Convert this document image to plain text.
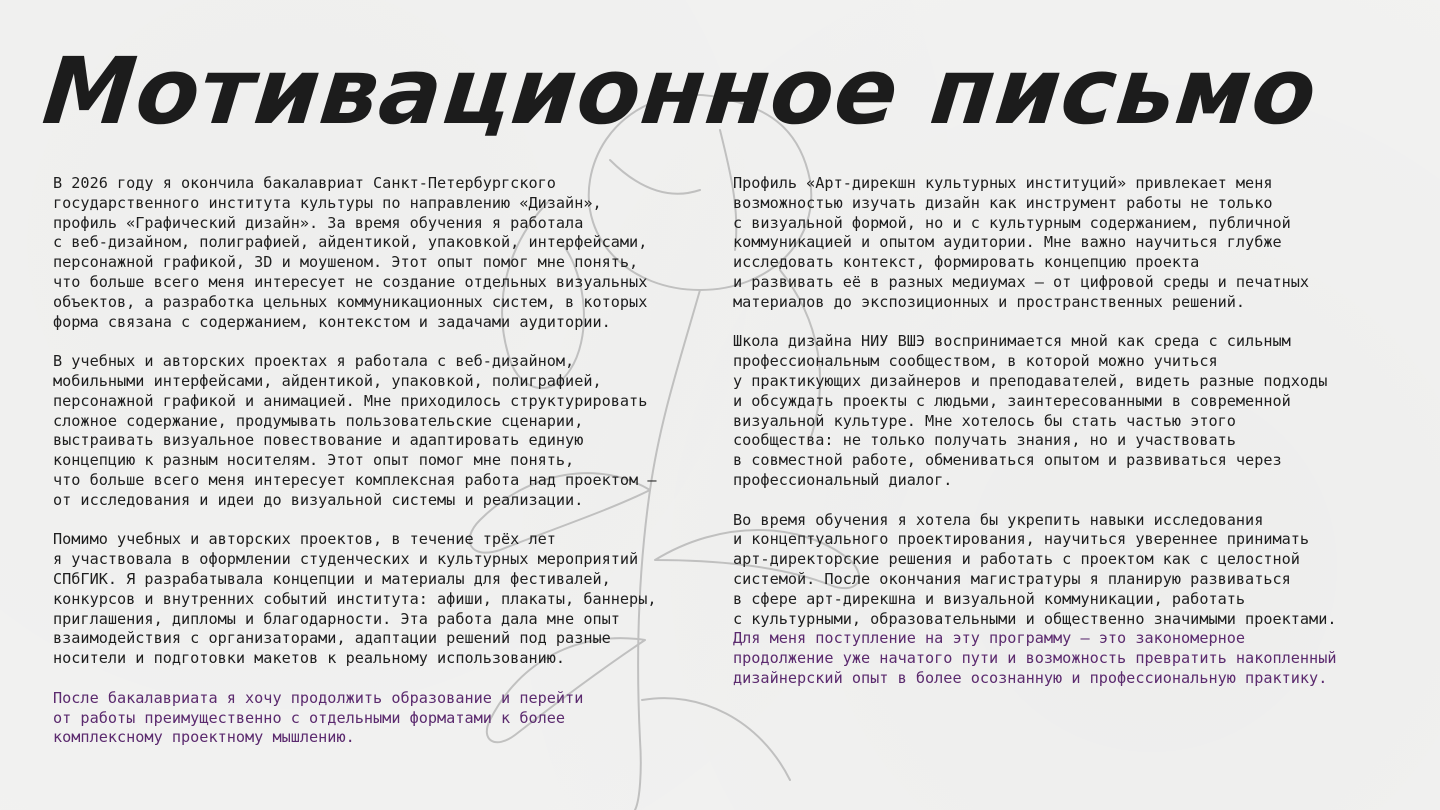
Мотивационное письмо

В 2026 году я окончила бакалавриат Санкт-Петербургского
государственного института культуры по направлению «Дизайн»,
профиль «Графический дизайн». За время обучения я работала
с веб-дизайном, полиграфией, айдентикой, упаковкой, интерфейсами,
персонажной графикой, 3D и моушеном. Этот опыт помог мне понять,
что больше всего меня интересует не создание отдельных визуальных
объектов, а разработка цельных коммуникационных систем, в которых
форма связана с содержанием, контекстом и задачами аудитории.

В учебных и авторских проектах я работала с веб-дизайном,
мобильными интерфейсами, айдентикой, упаковкой, полиграфией,
персонажной графикой и анимацией. Мне приходилось структурировать
сложное содержание, продумывать пользовательские сценарии,
выстраивать визуальное повествование и адаптировать единую
концепцию к разным носителям. Этот опыт помог мне понять,
что больше всего меня интересует комплексная работа над проектом —
от исследования и идеи до визуальной системы и реализации.

Помимо учебных и авторских проектов, в течение трёх лет
я участвовала в оформлении студенческих и культурных мероприятий
СПбГИК. Я разрабатывала концепции и материалы для фестивалей,
конкурсов и внутренних событий института: афиши, плакаты, баннеры,
приглашения, дипломы и благодарности. Эта работа дала мне опыт
взаимодействия с организаторами, адаптации решений под разные
носители и подготовки макетов к реальному использованию.

После бакалавриата я хочу продолжить образование и перейти
от работы преимущественно с отдельными форматами к более
комплексному проектному мышлению.

Профиль «Арт-дирекшн культурных институций» привлекает меня
возможностью изучать дизайн как инструмент работы не только
с визуальной формой, но и с культурным содержанием, публичной
коммуникацией и опытом аудитории. Мне важно научиться глубже
исследовать контекст, формировать концепцию проекта
и развивать её в разных медиумах — от цифровой среды и печатных
материалов до экспозиционных и пространственных решений.

Школа дизайна НИУ ВШЭ воспринимается мной как среда с сильным
профессиональным сообществом, в которой можно учиться
у практикующих дизайнеров и преподавателей, видеть разные подходы
и обсуждать проекты с людьми, заинтересованными в современной
визуальной культуре. Мне хотелось бы стать частью этого
сообщества: не только получать знания, но и участвовать
в совместной работе, обмениваться опытом и развиваться через
профессиональный диалог.

Во время обучения я хотела бы укрепить навыки исследования
и концептуального проектирования, научиться увереннее принимать
арт-директорские решения и работать с проектом как с целостной
системой. После окончания магистратуры я планирую развиваться
в сфере арт-дирекшна и визуальной коммуникации, работать
с культурными, образовательными и общественно значимыми проектами.
Для меня поступление на эту программу — это закономерное
продолжение уже начатого пути и возможность превратить накопленный
дизайнерский опыт в более осознанную и профессиональную практику.
